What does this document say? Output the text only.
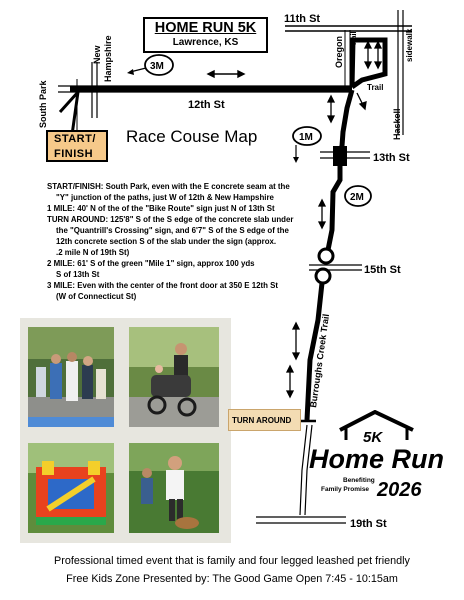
11th St
sidewalk
Haskell
Oregon Trail
Trail
12th St
New Hampshire
South Park
13th St
1M
3M
2M
15th St
Burroughs Creek Trail
19th St
HOME RUN 5K
Lawrence, KS
Race Couse Map
START/
FINISH

START/FINISH: South Park, even with the E concrete seam at the

"Y" junction of the paths, just W of 12th & New Hampshire

1 MILE: 40' N of the of the "Bike Route" sign just N of 13th St

TURN AROUND: 125'8" S of the S edge of the concrete slab under

the "Quantrill's Crossing" sign, and 6'7" S of the S edge of the

12th concrete section S of the slab under the sign (approx.

.2 mile N of 19th St)

2 MILE: 61' S of the green "Mile 1" sign, approx 100 yds

S of 13th St

3 MILE: Even with the center of the front door at 350 E 12th St

(W of Connecticut St)

TURN AROUND
5K
Home Run
Benefiting
Family Promise 2026
Professional timed event that is family and four legged leashed pet friendly
Free Kids Zone Presented by: The Good Game Open 7:45 - 10:15am
